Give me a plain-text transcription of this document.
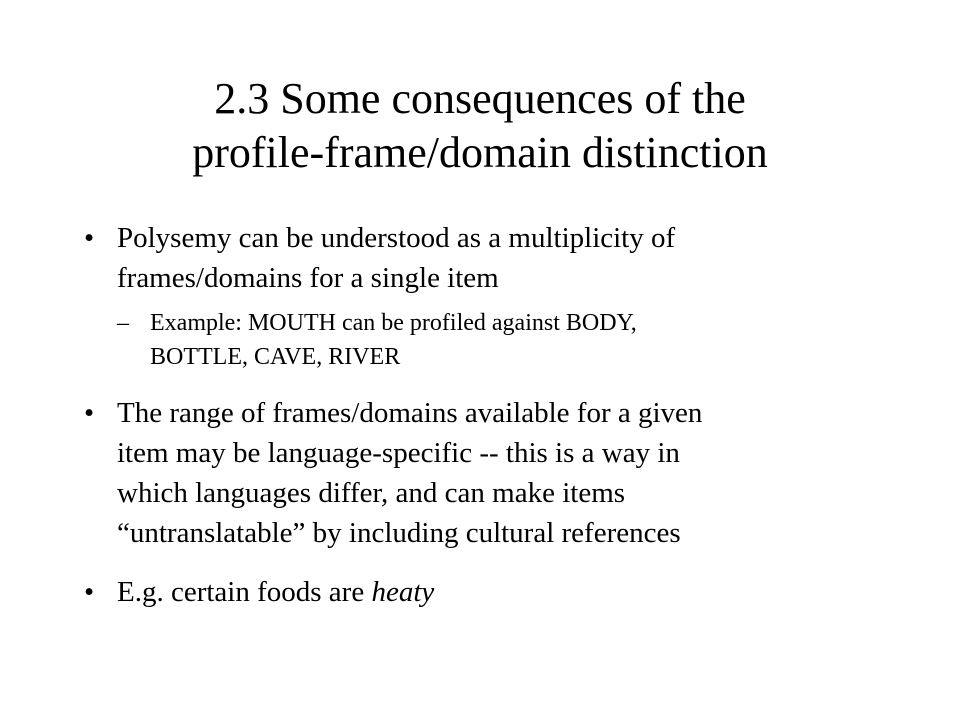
2.3 Some consequences of the
profile-frame/domain distinction
• Polysemy can be understood as a multiplicity of
frames/domains for a single item
– Example: MOUTH can be profiled against BODY,
BOTTLE, CAVE, RIVER
• The range of frames/domains available for a given
item may be language-specific -- this is a way in
which languages differ, and can make items
“untranslatable” by including cultural references
• E.g. certain foods are heaty
